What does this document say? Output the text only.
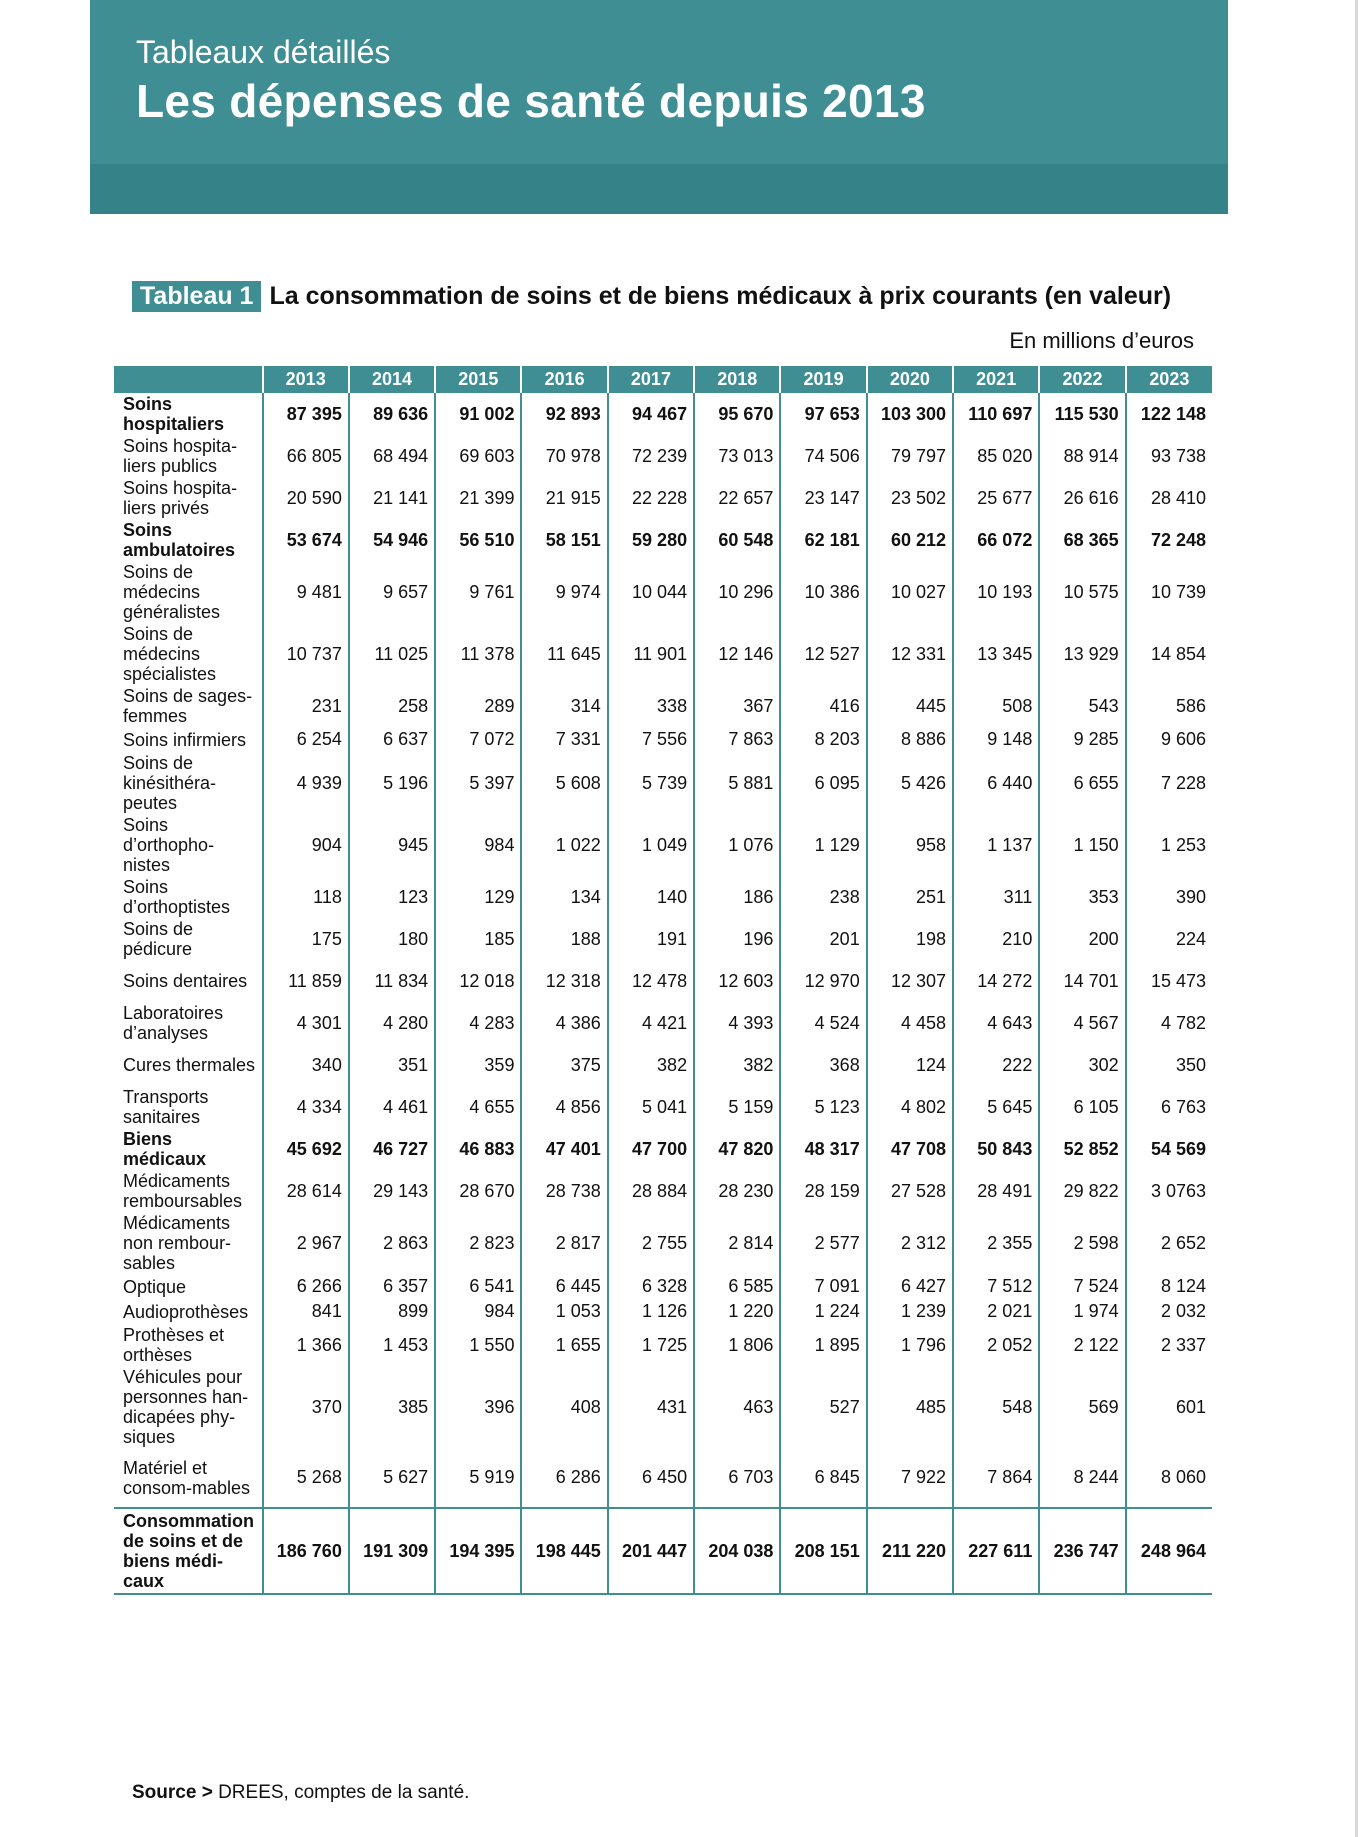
Tableaux détaillés
Les dépenses de santé depuis 2013
Tableau 1 La consommation de soins et de biens médicaux à prix courants (en valeur)
En millions d’euros
	2013	2014	2015	2016	2017	2018	2019	2020	2021	2022	2023
Soins hospitaliers	87 395	89 636	91 002	92 893	94 467	95 670	97 653	103 300	110 697	115 530	122 148
Soins hospita-liers publics	66 805	68 494	69 603	70 978	72 239	73 013	74 506	79 797	85 020	88 914	93 738
Soins hospita-liers privés	20 590	21 141	21 399	21 915	22 228	22 657	23 147	23 502	25 677	26 616	28 410
Soins ambulatoires	53 674	54 946	56 510	58 151	59 280	60 548	62 181	60 212	66 072	68 365	72 248
Soins de médecins généralistes	9 481	9 657	9 761	9 974	10 044	10 296	10 386	10 027	10 193	10 575	10 739
Soins de médecins spécialistes	10 737	11 025	11 378	11 645	11 901	12 146	12 527	12 331	13 345	13 929	14 854
Soins de sages-femmes	231	258	289	314	338	367	416	445	508	543	586
Soins infirmiers	6 254	6 637	7 072	7 331	7 556	7 863	8 203	8 886	9 148	9 285	9 606
Soins de kinésithéra-peutes	4 939	5 196	5 397	5 608	5 739	5 881	6 095	5 426	6 440	6 655	7 228
Soins d’orthopho-nistes	904	945	984	1 022	1 049	1 076	1 129	958	1 137	1 150	1 253
Soins d’orthoptistes	118	123	129	134	140	186	238	251	311	353	390
Soins de pédicure	175	180	185	188	191	196	201	198	210	200	224
Soins dentaires	11 859	11 834	12 018	12 318	12 478	12 603	12 970	12 307	14 272	14 701	15 473
Laboratoires d’analyses	4 301	4 280	4 283	4 386	4 421	4 393	4 524	4 458	4 643	4 567	4 782
Cures thermales	340	351	359	375	382	382	368	124	222	302	350
Transports sanitaires	4 334	4 461	4 655	4 856	5 041	5 159	5 123	4 802	5 645	6 105	6 763
Biens médicaux	45 692	46 727	46 883	47 401	47 700	47 820	48 317	47 708	50 843	52 852	54 569
Médicaments remboursables	28 614	29 143	28 670	28 738	28 884	28 230	28 159	27 528	28 491	29 822	3 0763
Médicaments non rembour-sables	2 967	2 863	2 823	2 817	2 755	2 814	2 577	2 312	2 355	2 598	2 652
Optique	6 266	6 357	6 541	6 445	6 328	6 585	7 091	6 427	7 512	7 524	8 124
Audioprothèses	841	899	984	1 053	1 126	1 220	1 224	1 239	2 021	1 974	2 032
Prothèses et orthèses	1 366	1 453	1 550	1 655	1 725	1 806	1 895	1 796	2 052	2 122	2 337
Véhicules pour personnes han-dicapées phy-siques	370	385	396	408	431	463	527	485	548	569	601
Matériel et consom-mables	5 268	5 627	5 919	6 286	6 450	6 703	6 845	7 922	7 864	8 244	8 060
Consommation de soins et de biens médi-caux	186 760	191 309	194 395	198 445	201 447	204 038	208 151	211 220	227 611	236 747	248 964
Source > DREES, comptes de la santé.
